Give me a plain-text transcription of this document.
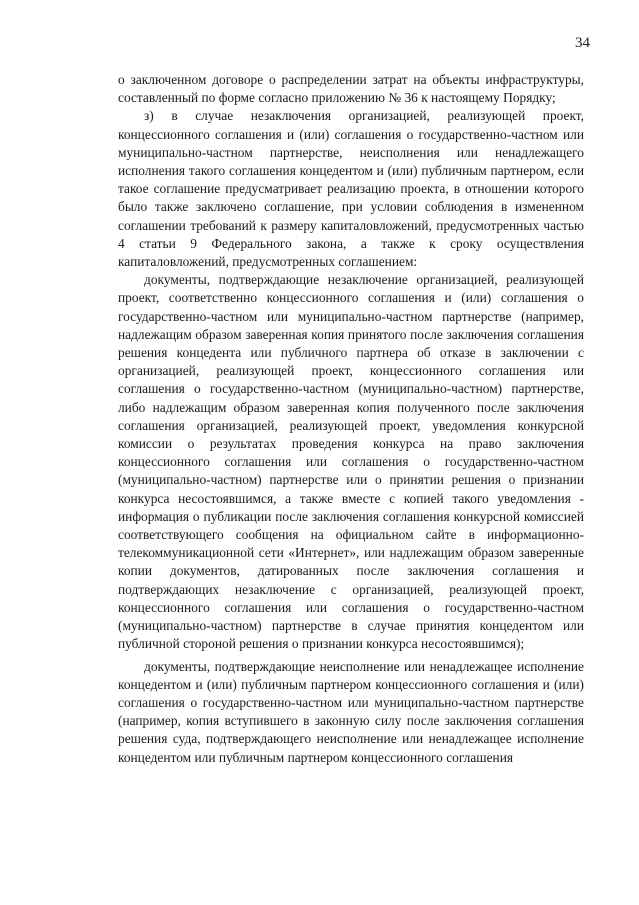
34

о заключенном договоре о распределении затрат на объекты инфраструктуры, составленный по форме согласно приложению № 36 к настоящему Порядку;

з) в случае незаключения организацией, реализующей проект, концессионного соглашения и (или) соглашения о государственно-частном или муниципально-частном партнерстве, неисполнения или ненадлежащего исполнения такого соглашения концедентом и (или) публичным партнером, если такое соглашение предусматривает реализацию проекта, в отношении которого было также заключено соглашение, при условии соблюдения в измененном соглашении требований к размеру капиталовложений, предусмотренных частью 4 статьи 9 Федерального закона, а также к сроку осуществления капиталовложений, предусмотренных соглашением:

документы, подтверждающие незаключение организацией, реализующей проект, соответственно концессионного соглашения и (или) соглашения о государственно-частном или муниципально-частном партнерстве (например, надлежащим образом заверенная копия принятого после заключения соглашения решения концедента или публичного партнера об отказе в заключении с организацией, реализующей проект, концессионного соглашения или соглашения о государственно-частном (муниципально-частном) партнерстве, либо надлежащим образом заверенная копия полученного после заключения соглашения организацией, реализующей проект, уведомления конкурсной комиссии о результатах проведения конкурса на право заключения концессионного соглашения или соглашения о государственно-частном (муниципально-частном) партнерстве или о принятии решения о признании конкурса несостоявшимся, а также вместе с копией такого уведомления - информация о публикации после заключения соглашения конкурсной комиссией соответствующего сообщения на официальном сайте в информационно-телекоммуникационной сети «Интернет», или надлежащим образом заверенные копии документов, датированных после заключения соглашения и подтверждающих незаключение с организацией, реализующей проект, концессионного соглашения или соглашения о государственно-частном (муниципально-частном) партнерстве в случае принятия концедентом или публичной стороной решения о признании конкурса несостоявшимся);

документы, подтверждающие неисполнение или ненадлежащее исполнение концедентом и (или) публичным партнером концессионного соглашения и (или) соглашения о государственно-частном или муниципально-частном партнерстве (например, копия вступившего в законную силу после заключения соглашения решения суда, подтверждающего неисполнение или ненадлежащее исполнение концедентом или публичным партнером концессионного соглашения
